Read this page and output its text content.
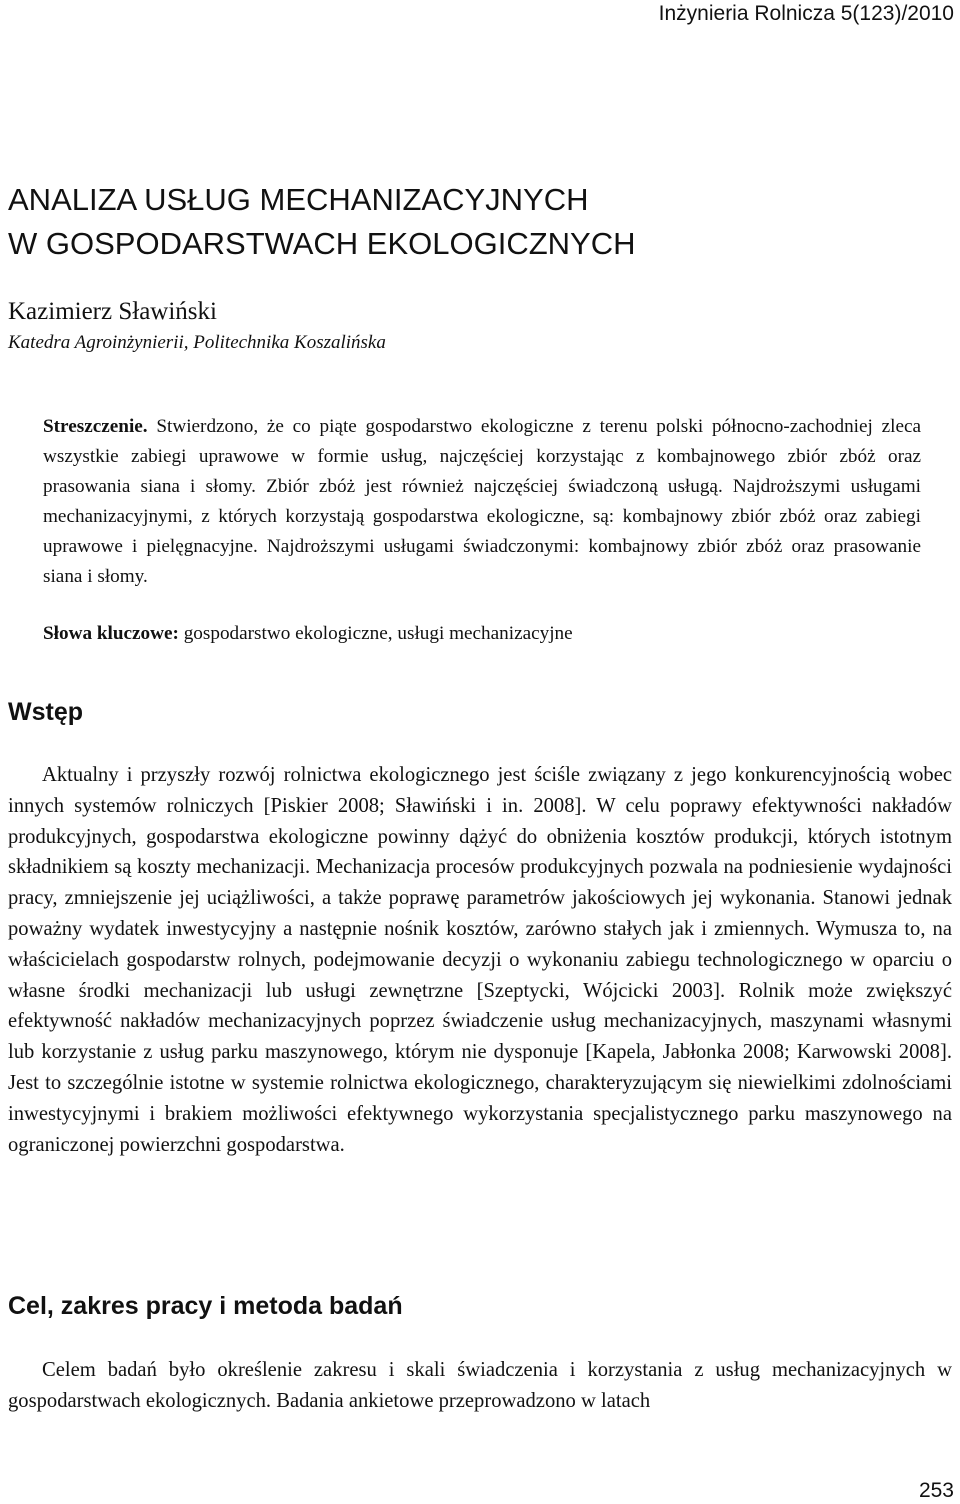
Inżynieria Rolnicza 5(123)/2010

ANALIZA USŁUG MECHANIZACYJNYCH
W GOSPODARSTWACH EKOLOGICZNYCH

Kazimierz Sławiński

Katedra Agroinżynierii, Politechnika Koszalińska

Streszczenie. Stwierdzono, że co piąte gospodarstwo ekologiczne z terenu polski północno-zachodniej zleca wszystkie zabiegi uprawowe w formie usług, najczęściej korzystając z kombajnowego zbiór zbóż oraz prasowania siana i słomy. Zbiór zbóż jest również najczęściej świadczoną usługą. Najdroższymi usługami mechanizacyjnymi, z których korzystają gospodarstwa ekologiczne, są: kombajnowy zbiór zbóż oraz zabiegi uprawowe i pielęgnacyjne. Najdroższymi usługami świadczonymi: kombajnowy zbiór zbóż oraz prasowanie siana i słomy.

Słowa kluczowe: gospodarstwo ekologiczne, usługi mechanizacyjne

Wstęp

Aktualny i przyszły rozwój rolnictwa ekologicznego jest ściśle związany z jego konkurencyjnością wobec innych systemów rolniczych [Piskier 2008; Sławiński i in. 2008]. W celu poprawy efektywności nakładów produkcyjnych, gospodarstwa ekologiczne powinny dążyć do obniżenia kosztów produkcji, których istotnym składnikiem są koszty mechanizacji. Mechanizacja procesów produkcyjnych pozwala na podniesienie wydajności pracy, zmniejszenie jej uciążliwości, a także poprawę parametrów jakościowych jej wykonania. Stanowi jednak poważny wydatek inwestycyjny a następnie nośnik kosztów, zarówno stałych jak i zmiennych. Wymusza to, na właścicielach gospodarstw rolnych, podejmowanie decyzji o wykonaniu zabiegu technologicznego w oparciu o własne środki mechanizacji lub usługi zewnętrzne [Szeptycki, Wójcicki 2003]. Rolnik może zwiększyć efektywność nakładów mechanizacyjnych poprzez świadczenie usług mechanizacyjnych, maszynami własnymi lub korzystanie z usług parku maszynowego, którym nie dysponuje [Kapela, Jabłonka 2008; Karwowski 2008]. Jest to szczególnie istotne w systemie rolnictwa ekologicznego, charakteryzującym się niewielkimi zdolnościami inwestycyjnymi i brakiem możliwości efektywnego wykorzystania specjalistycznego parku maszynowego na ograniczonej powierzchni gospodarstwa.

Cel, zakres pracy i metoda badań

Celem badań było określenie zakresu i skali świadczenia i korzystania z usług mechanizacyjnych w gospodarstwach ekologicznych. Badania ankietowe przeprowadzono w latach

253
